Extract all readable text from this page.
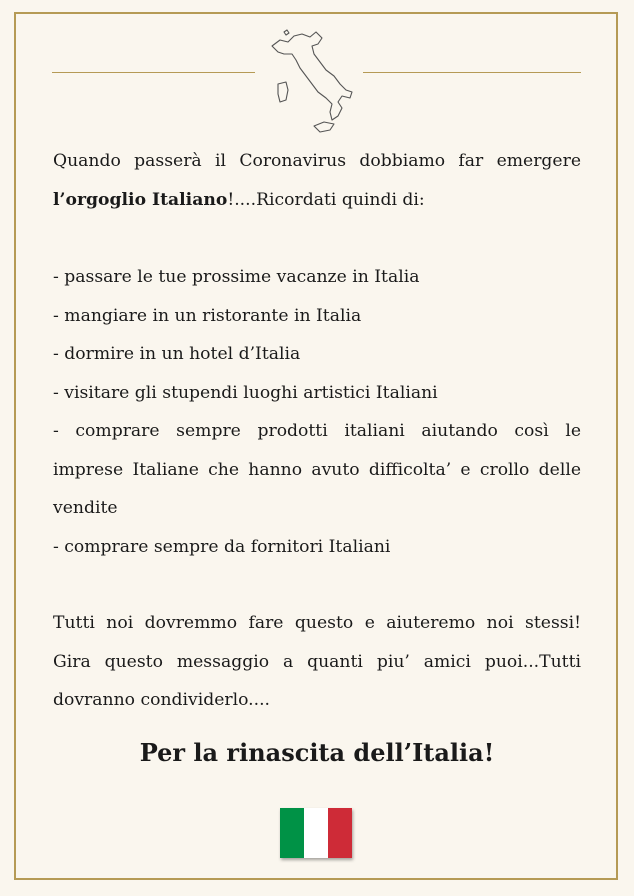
Quando passerà il Coronavirus dobbiamo far emergere
l’orgoglio Italiano!....Ricordati quindi di:
- passare le tue prossime vacanze in Italia
- mangiare in un ristorante in Italia
- dormire in un hotel d’Italia
- visitare gli stupendi luoghi artistici Italiani
- comprare sempre prodotti italiani aiutando così le
imprese Italiane che hanno avuto difficolta’ e crollo delle
vendite
- comprare sempre da fornitori Italiani
Tutti noi dovremmo fare questo e aiuteremo noi stessi!
Gira questo messaggio a quanti piu’ amici puoi...Tutti
dovranno condividerlo....
Per la rinascita dell’Italia!
